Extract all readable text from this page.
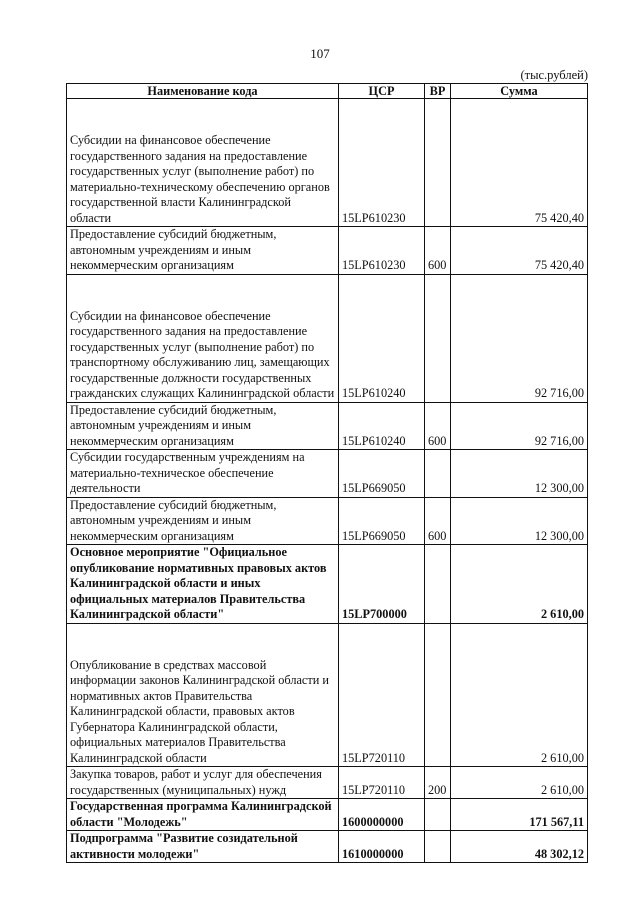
107
(тыс.рублей)
Наименование кода	ЦСР	ВР	Сумма
Субсидии на финансовое обеспечение государственного задания на предоставление государственных услуг (выполнение работ) по материально-техническому обеспечению органов государственной власти Калининградской области	15LP610230		75 420,40
Предоставление субсидий бюджетным, автономным учреждениям и иным некоммерческим организациям	15LP610230	600	75 420,40
Субсидии на финансовое обеспечение государственного задания на предоставление государственных услуг (выполнение работ) по транспортному обслуживанию лиц, замещающих государственные должности государственных гражданских служащих Калининградской области	15LP610240		92 716,00
Предоставление субсидий бюджетным, автономным учреждениям и иным некоммерческим организациям	15LP610240	600	92 716,00
Субсидии государственным учреждениям на материально-техническое обеспечение деятельности	15LP669050		12 300,00
Предоставление субсидий бюджетным, автономным учреждениям и иным некоммерческим организациям	15LP669050	600	12 300,00
Основное мероприятие "Официальное опубликование нормативных правовых актов Калининградской области и иных официальных материалов Правительства Калининградской области"	15LP700000		2 610,00
Опубликование в средствах массовой информации законов Калининградской области и нормативных актов Правительства Калининградской области, правовых актов Губернатора Калининградской области, официальных материалов Правительства Калининградской области	15LP720110		2 610,00
Закупка товаров, работ и услуг для обеспечения государственных (муниципальных) нужд	15LP720110	200	2 610,00
Государственная программа Калининградской области "Молодежь"	1600000000		171 567,11
Подпрограмма "Развитие созидательной активности молодежи"	1610000000		48 302,12
